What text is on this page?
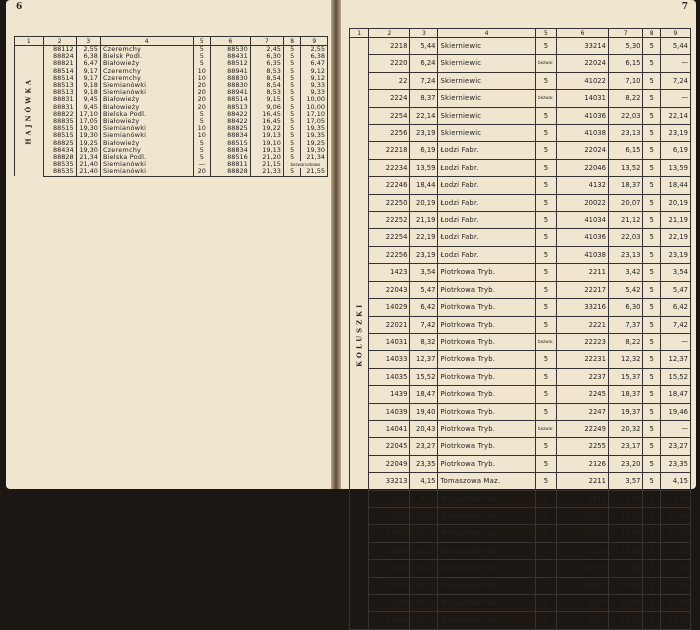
6
1	2	3	4	5	6	7	8	9
HAJNÓWKA	88112	2,55	Czeremchy	5	88530	2,45	5	2,55
	88824	6,38	Bielsk Podl.	5	88431	6,30	5	6,38
	88821	6,47	Białowieży	5	88512	6,35	5	6,47
	88514	9,17	Czeremchy	10	88941	8,53	5	9,12
	88514	9,17	Czeremchy	10	88830	8,54	5	9,12
	88513	9,18	Siemianówki	20	88830	8,54	5	9,33
	88513	9,18	Siemianówki	20	88941	8,53	5	9,33
	88831	9,45	Białowieży	20	88514	9,15	5	10,00
	88831	9,45	Białowieży	20	88513	9,06	5	10,00
	88822	17,10	Bielska Podl.	5	88422	16,45	5	17,10
	88835	17,05	Białowieży	5	88422	16,45	5	17,05
	88515	19,30	Siemianówki	10	88825	19,22	5	19,35
	88515	19,30	Siemianówki	10	88834	19,13	5	19,35
	88825	19,25	Białowieży	5	88515	19,10	5	19,25
	88434	19,30	Czeremchy	5	88834	19,13	5	19,30
	88828	21,34	Bielska Podl.	5	88516	21,20	5	21,34
	88535	21,40	Siemianówki	—	88811	21,15	bezwarunkowo	
	88535	21,40	Siemianówki	20	88828	21,33	5	21,55
7
1	2	3	4	5	6	7	8	9
KOLUSZKI	2218	5,44	Skierniewic	5	33214	5,30	5	5,44
	2220	6,24	Skierniewic	bezwar.	22024	6,15	5	—
	22	7,24	Skierniewic	5	41022	7,10	5	7,24
	2224	8,37	Skierniewic	bezwar.	14031	8,22	5	—
	2254	22,14	Skierniewic	5	41036	22,03	5	22,14
	2256	23,19	Skierniewic	5	41038	23,13	5	23,19
	22218	6,19	Łodzi Fabr.	5	22024	6,15	5	6,19
	22234	13,59	Łodzi Fabr.	5	22046	13,52	5	13,59
	22246	18,44	Łodzi Fabr.	5	4132	18,37	5	18,44
	22250	20,19	Łodzi Fabr.	5	20022	20,07	5	20,19
	22252	21,19	Łodzi Fabr.	5	41034	21,12	5	21,19
	22254	22,19	Łodzi Fabr.	5	41036	22,03	5	22,19
	22256	23,19	Łodzi Fabr.	5	41038	23,13	5	23,19
	1423	3,54	Piotrkowa Tryb.	5	2211	3,42	5	3,54
	22043	5,47	Piotrkowa Tryb.	5	22217	5,42	5	5,47
	14029	6,42	Piotrkowa Tryb.	5	33216	6,30	5	6,42
	22021	7,42	Piotrkowa Tryb.	5	2221	7,37	5	7,42
	14031	8,32	Piotrkowa Tryb.	bezwar.	22223	8,22	5	—
	14033	12,37	Piotrkowa Tryb.	5	22231	12,32	5	12,37
	14035	15,52	Piotrkowa Tryb.	5	2237	15,37	5	15,52
	1439	18,47	Piotrkowa Tryb.	5	2245	18,37	5	18,47
	14039	19,40	Piotrkowa Tryb.	5	2247	19,37	5	19,46
	14041	20,43	Piotrkowa Tryb.	bezwar.	22249	20,32	5	—
	22045	23,27	Piotrkowa Tryb.	5	2255	23,17	5	23,27
	22049	23,35	Piotrkowa Tryb.	5	2126	23,20	5	23,35
	33213	4,15	Tomaszowa Maz.	5	2211	3,57	5	4,15
	1221	5,15	Tomaszowa Maz.	5	2213	4,57	5	5,15
	12141	12,40	Tomaszowa Maz.	5	22231	12,32	5	12,40
	33541	17,15	Tomaszowa Maz.	5	41032	17,07	5	17,15
	33543	17,20	Tomaszowa Maz.	5	2233	17,08	5	17,20
	1225	20,25	Tomaszowa Maz.	5	22239	20,09	5	20,25
	1225	20,25	Tomaszowa Maz.	5	14041	20,06	5	20,25
	1225	20,25	Tomaszowa Maz.	5	2237	20,13	5	20,25
	33543	23,32	Tomaszowa Maz.	5	2255	23,17	5	23,32
